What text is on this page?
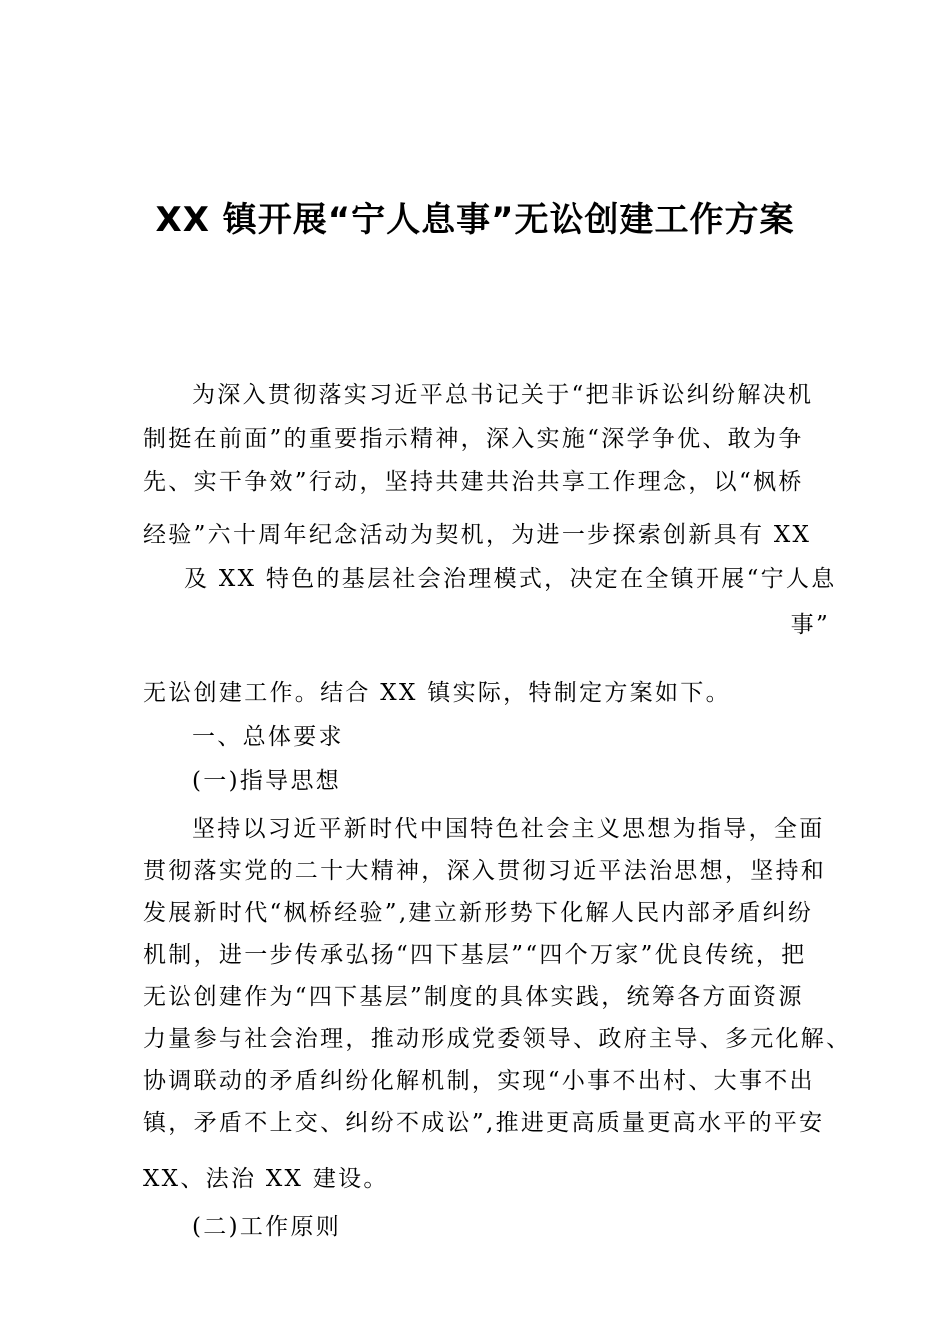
XX 镇开展“宁人息事”无讼创建工作方案
为深入贯彻落实习近平总书记关于“把非诉讼纠纷解决机
制挺在前面”的重要指示精神，深入实施“深学争优、敢为争
先、实干争效”行动，坚持共建共治共享工作理念，以“枫桥
经验”六十周年纪念活动为契机，为进一步探索创新具有 XX
及 XX 特色的基层社会治理模式，决定在全镇开展“宁人息
事”
无讼创建工作。结合 XX 镇实际，特制定方案如下。
一、总体要求
(一)指导思想
坚持以习近平新时代中国特色社会主义思想为指导，全面
贯彻落实党的二十大精神，深入贯彻习近平法治思想，坚持和
发展新时代“枫桥经验”,建立新形势下化解人民内部矛盾纠纷
机制，进一步传承弘扬“四下基层”“四个万家”优良传统，把
无讼创建作为“四下基层”制度的具体实践，统筹各方面资源
力量参与社会治理，推动形成党委领导、政府主导、多元化解、
协调联动的矛盾纠纷化解机制，实现“小事不出村、大事不出
镇，矛盾不上交、纠纷不成讼”,推进更高质量更高水平的平安
XX、法治 XX 建设。
(二)工作原则
